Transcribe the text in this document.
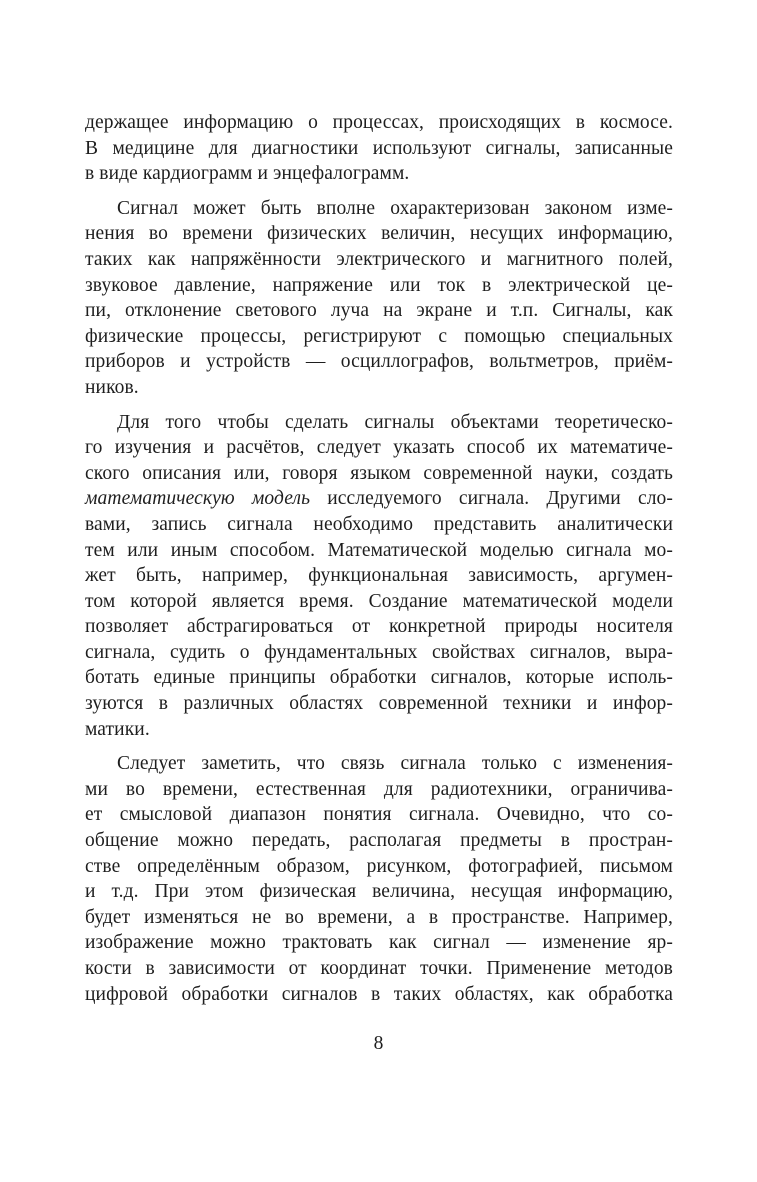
держащее информацию о процессах, происходящих в космосе.
В медицине для диагностики используют сигналы, записанные
в виде кардиограмм и энцефалограмм.
Сигнал может быть вполне охарактеризован законом изме-
нения во времени физических величин, несущих информацию,
таких как напряжённости электрического и магнитного полей,
звуковое давление, напряжение или ток в электрической це-
пи, отклонение светового луча на экране и т.п. Сигналы, как
физические процессы, регистрируют с помощью специальных
приборов и устройств — осциллографов, вольтметров, приём-
ников.
Для того чтобы сделать сигналы объектами теоретическо-
го изучения и расчётов, следует указать способ их математиче-
ского описания или, говоря языком современной науки, создать
математическую модель исследуемого сигнала. Другими сло-
вами, запись сигнала необходимо представить аналитически
тем или иным способом. Математической моделью сигнала мо-
жет быть, например, функциональная зависимость, аргумен-
том которой является время. Создание математической модели
позволяет абстрагироваться от конкретной природы носителя
сигнала, судить о фундаментальных свойствах сигналов, выра-
ботать единые принципы обработки сигналов, которые исполь-
зуются в различных областях современной техники и инфор-
матики.
Следует заметить, что связь сигнала только с изменения-
ми во времени, естественная для радиотехники, ограничива-
ет смысловой диапазон понятия сигнала. Очевидно, что со-
общение можно передать, располагая предметы в простран-
стве определённым образом, рисунком, фотографией, письмом
и т.д. При этом физическая величина, несущая информацию,
будет изменяться не во времени, а в пространстве. Например,
изображение можно трактовать как сигнал — изменение яр-
кости в зависимости от координат точки. Применение методов
цифровой обработки сигналов в таких областях, как обработка
8
